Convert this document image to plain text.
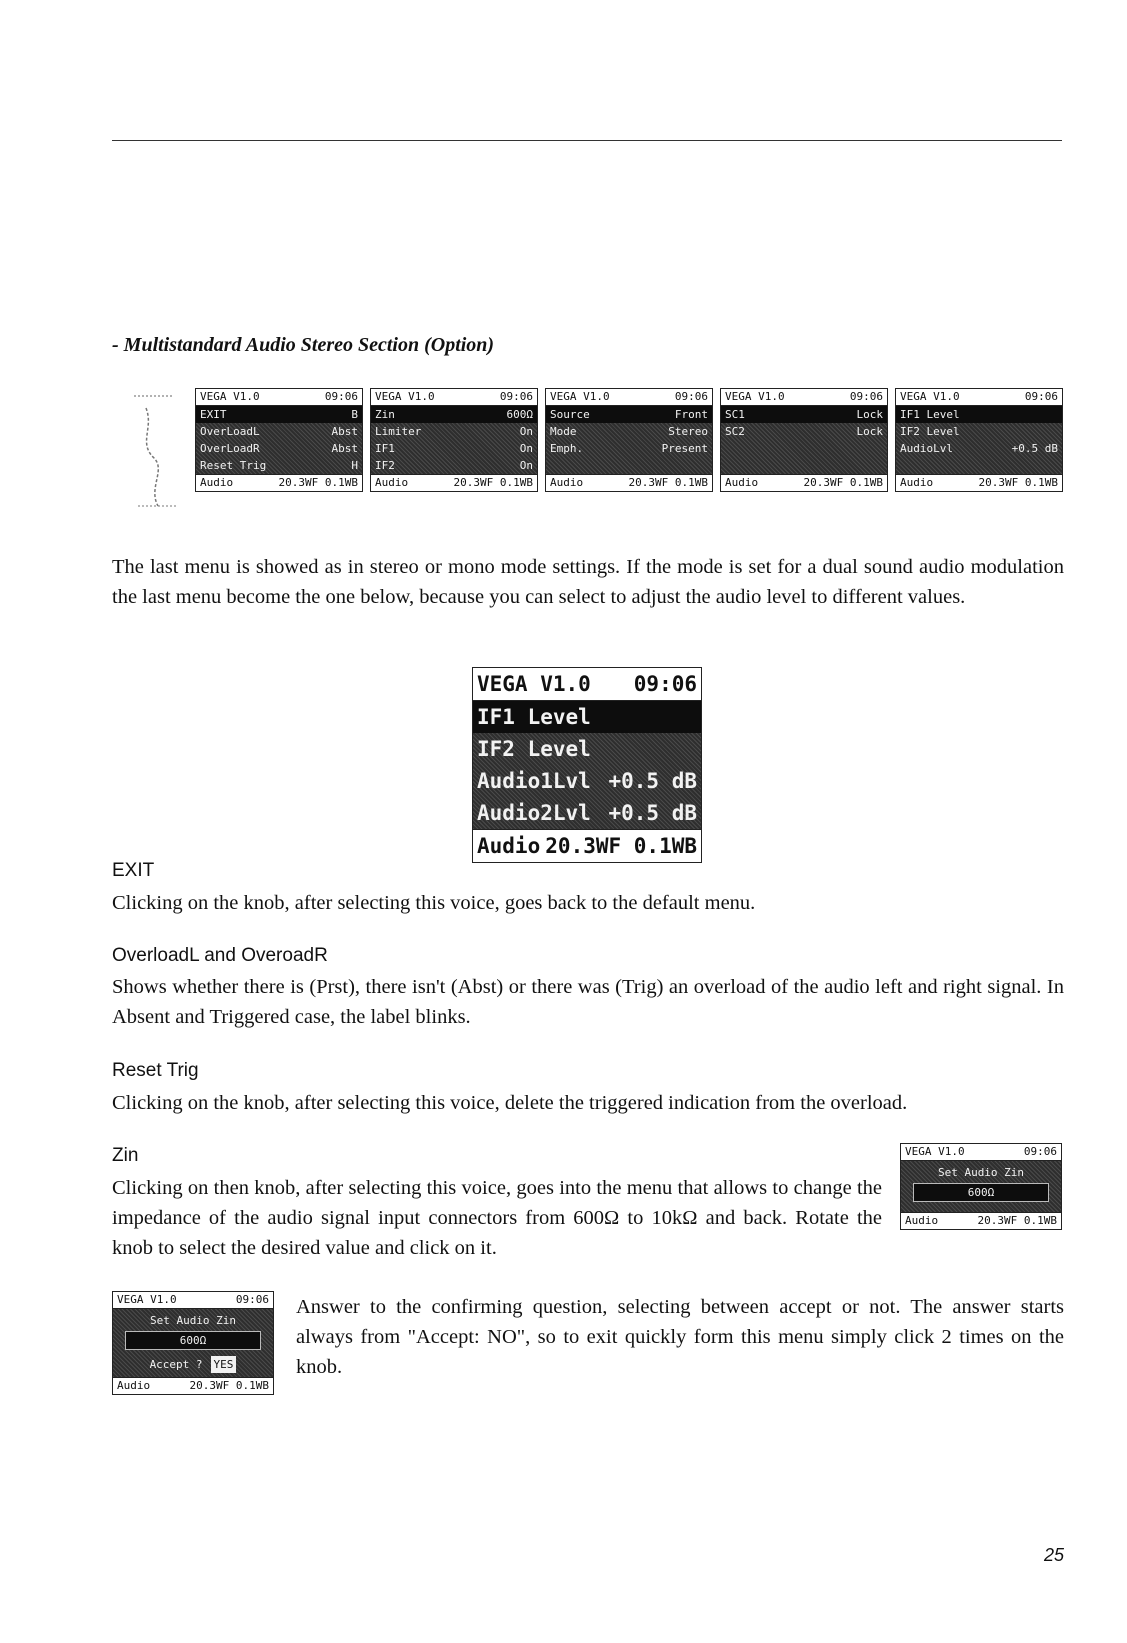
- Multistandard Audio Stereo Section (Option)
VEGA V1.0	09:06
EXIT	B
OverLoadL	Abst
OverLoadR	Abst
Reset Trig	H
Audio	20.3WF 0.1WB
VEGA V1.0	09:06
Zin	600Ω
Limiter	On
IF1	On
IF2	On
Audio	20.3WF 0.1WB
VEGA V1.0	09:06
Source	Front
Mode	Stereo
Emph.	Present
Audio	20.3WF 0.1WB
VEGA V1.0	09:06
SC1	Lock
SC2	Lock
Audio	20.3WF 0.1WB
VEGA V1.0	09:06
IF1 Level
IF2 Level
AudioLvl	+0.5 dB
Audio	20.3WF 0.1WB
The last menu is showed as in stereo or mono mode settings. If the mode is set for a dual sound audio modulation the last menu become the one below, because you can select to adjust the audio level to different values.
VEGA V1.0 09:06
IF1 Level
IF2 Level
Audio1Lvl +0.5 dB
Audio2Lvl +0.5 dB
Audio 20.3WF 0.1WB
EXIT
Clicking on the knob, after selecting this voice, goes back to the default menu.
OverloadL and OveroadR
Shows whether there is (Prst), there isn't (Abst) or there was (Trig) an overload of the audio left and right signal. In Absent and Triggered case, the label blinks.
Reset Trig
Clicking on the knob, after selecting this voice, delete the triggered indication from the overload.
Zin
Clicking on then knob, after selecting this voice, goes into the menu that allows to change the impedance of the audio signal input connectors from 600Ω to 10kΩ and back. Rotate the knob to select the desired value and click on it.
VEGA V1.0	09:06
Set Audio Zin
600Ω
Audio	20.3WF 0.1WB
VEGA V1.0	09:06
Set Audio Zin
600Ω
Accept ? YES
Audio	20.3WF 0.1WB
Answer to the confirming question, selecting between accept or not. The answer starts always from "Accept: NO", so to exit quickly form this menu simply click 2 times on the knob.
25
